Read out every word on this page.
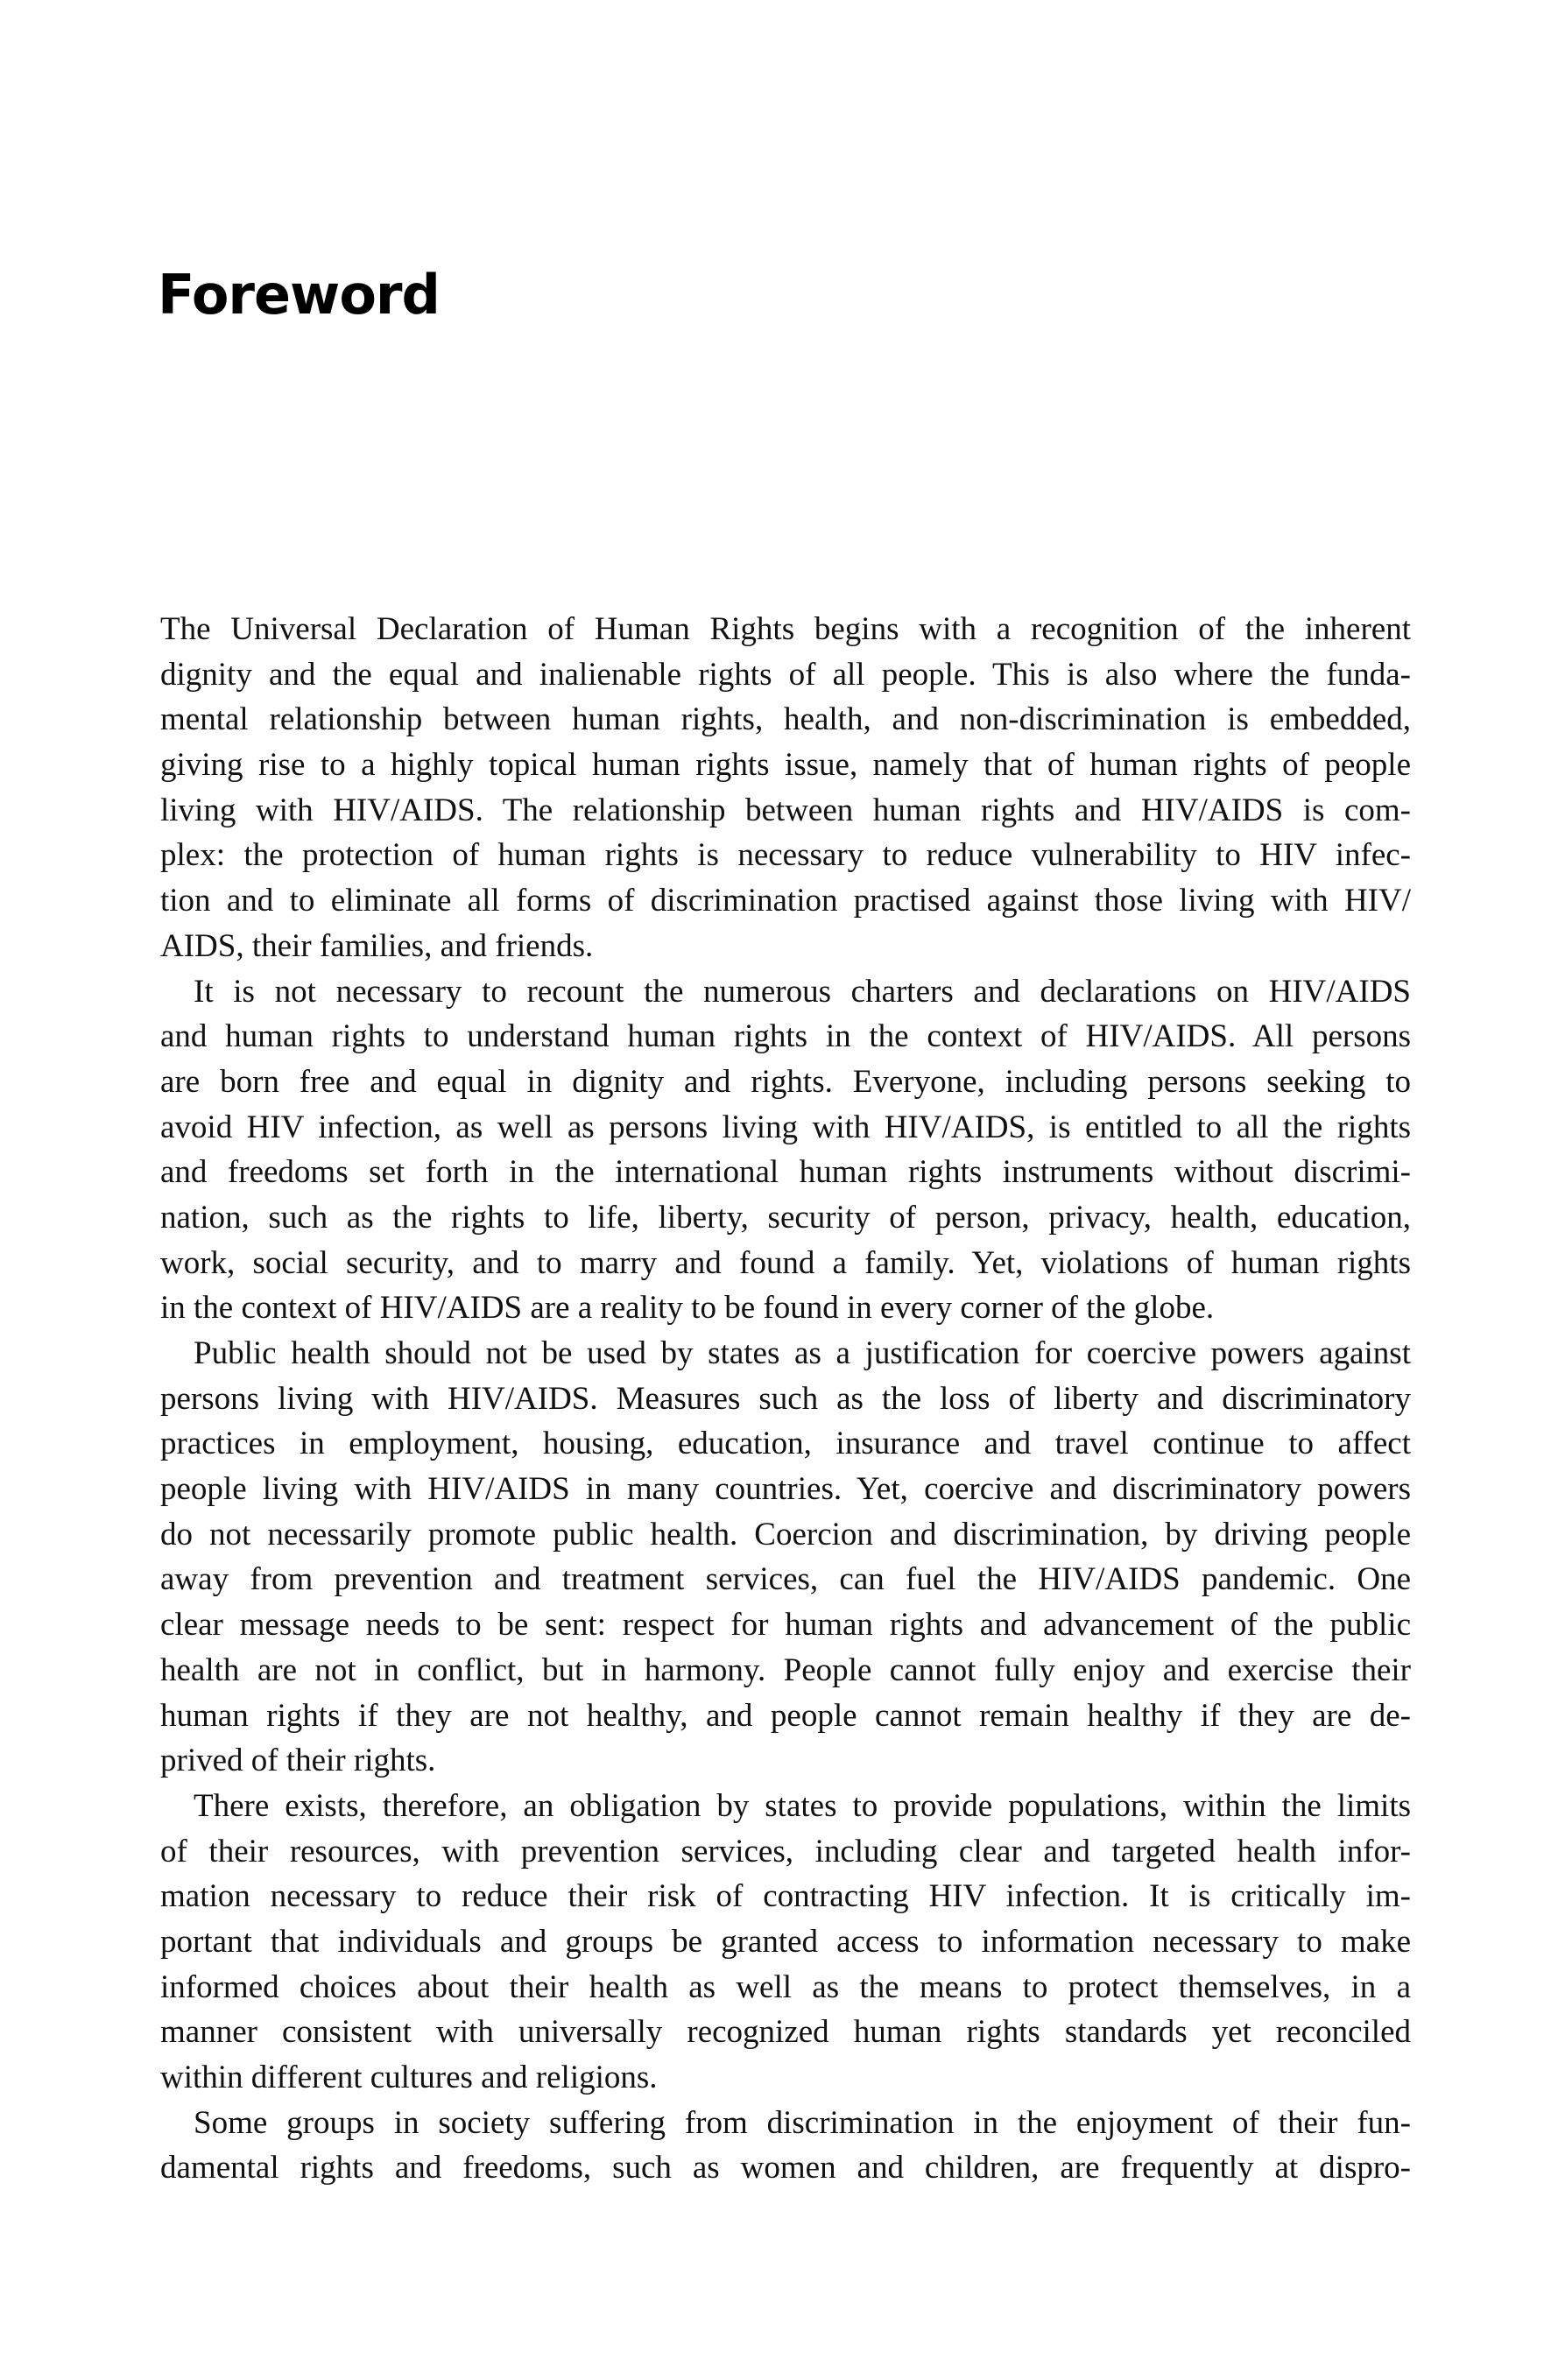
Foreword
The Universal Declaration of Human Rights begins with a recognition of the inherent
dignity and the equal and inalienable rights of all people. This is also where the funda-
mental relationship between human rights, health, and non-discrimination is embedded,
giving rise to a highly topical human rights issue, namely that of human rights of people
living with HIV/AIDS. The relationship between human rights and HIV/AIDS is com-
plex: the protection of human rights is necessary to reduce vulnerability to HIV infec-
tion and to eliminate all forms of discrimination practised against those living with HIV/
AIDS, their families, and friends.
It is not necessary to recount the numerous charters and declarations on HIV/AIDS
and human rights to understand human rights in the context of HIV/AIDS. All persons
are born free and equal in dignity and rights. Everyone, including persons seeking to
avoid HIV infection, as well as persons living with HIV/AIDS, is entitled to all the rights
and freedoms set forth in the international human rights instruments without discrimi-
nation, such as the rights to life, liberty, security of person, privacy, health, education,
work, social security, and to marry and found a family. Yet, violations of human rights
in the context of HIV/AIDS are a reality to be found in every corner of the globe.
Public health should not be used by states as a justification for coercive powers against
persons living with HIV/AIDS. Measures such as the loss of liberty and discriminatory
practices in employment, housing, education, insurance and travel continue to affect
people living with HIV/AIDS in many countries. Yet, coercive and discriminatory powers
do not necessarily promote public health. Coercion and discrimination, by driving people
away from prevention and treatment services, can fuel the HIV/AIDS pandemic. One
clear message needs to be sent: respect for human rights and advancement of the public
health are not in conflict, but in harmony. People cannot fully enjoy and exercise their
human rights if they are not healthy, and people cannot remain healthy if they are de-
prived of their rights.
There exists, therefore, an obligation by states to provide populations, within the limits
of their resources, with prevention services, including clear and targeted health infor-
mation necessary to reduce their risk of contracting HIV infection. It is critically im-
portant that individuals and groups be granted access to information necessary to make
informed choices about their health as well as the means to protect themselves, in a
manner consistent with universally recognized human rights standards yet reconciled
within different cultures and religions.
Some groups in society suffering from discrimination in the enjoyment of their fun-
damental rights and freedoms, such as women and children, are frequently at dispro-
